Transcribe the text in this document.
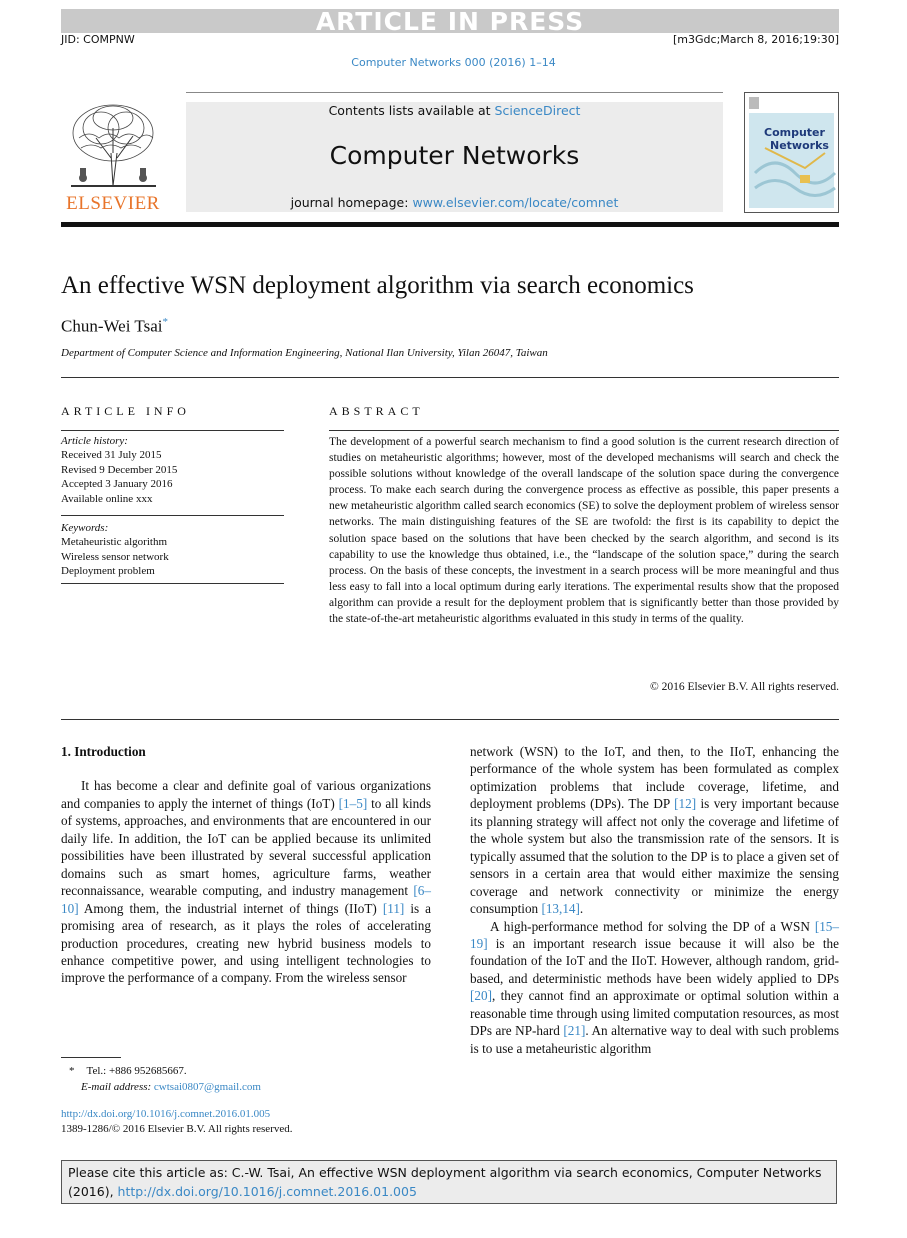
ARTICLE IN PRESS
JID: COMPNW	[m3Gdc;March 8, 2016;19:30]
Computer Networks 000 (2016) 1–14
ELSEVIER
Contents lists available at ScienceDirect
Computer Networks
journal homepage: www.elsevier.com/locate/comnet
Computer
Networks
An effective WSN deployment algorithm via search economics
Chun-Wei Tsai*
Department of Computer Science and Information Engineering, National Ilan University, Yilan 26047, Taiwan
ARTICLE INFO
Article history:
Received 31 July 2015
Revised 9 December 2015
Accepted 3 January 2016
Available online xxx
Keywords:
Metaheuristic algorithm
Wireless sensor network
Deployment problem
ABSTRACT
The development of a powerful search mechanism to find a good solution is the current research direction of studies on metaheuristic algorithms; however, most of the developed mechanisms will search and check the possible solutions without knowledge of the overall landscape of the solution space during the convergence process. To make each search during the convergence process as effective as possible, this paper presents a new metaheuristic algorithm called search economics (SE) to solve the deployment problem of wireless sensor networks. The main distinguishing features of the SE are twofold: the first is its capability to depict the solution space based on the solutions that have been checked by the search algorithm, and second is its capability to use the knowledge thus obtained, i.e., the “landscape of the solution space,” during the search process. On the basis of these concepts, the investment in a search process will be more meaningful and thus less easy to fall into a local optimum during early iterations. The experimental results show that the proposed algorithm can provide a result for the deployment problem that is significantly better than those provided by the state-of-the-art metaheuristic algorithms evaluated in this study in terms of the quality.
© 2016 Elsevier B.V. All rights reserved.
1. Introduction

It has become a clear and definite goal of various organizations and companies to apply the internet of things (IoT) [1–5] to all kinds of systems, approaches, and environments that are encountered in our daily life. In addition, the IoT can be applied because its unlimited possibilities have been illustrated by several successful application domains such as smart homes, agriculture farms, weather reconnaissance, wearable computing, and industry management [6–10] Among them, the industrial internet of things (IIoT) [11] is a promising area of research, as it plays the roles of accelerating production procedures, creating new hybrid business models to enhance competitive power, and using intelligent technologies to improve the performance of a company. From the wireless sensor

network (WSN) to the IoT, and then, to the IIoT, enhancing the performance of the whole system has been formulated as complex optimization problems that include coverage, lifetime, and deployment problems (DPs). The DP [12] is very important because its planning strategy will affect not only the coverage and lifetime of the whole system but also the transmission rate of the sensors. It is typically assumed that the solution to the DP is to place a given set of sensors in a certain area that would either maximize the sensing coverage and network connectivity or minimize the energy consumption [13,14].

A high-performance method for solving the DP of a WSN [15–19] is an important research issue because it will also be the foundation of the IoT and the IIoT. However, although random, grid-based, and deterministic methods have been widely applied to DPs [20], they cannot find an approximate or optimal solution within a reasonable time through using limited computation resources, as most DPs are NP-hard [21]. An alternative way to deal with such problems is to use a metaheuristic algorithm

* Tel.: +886 952685667.
E-mail address: cwtsai0807@gmail.com
http://dx.doi.org/10.1016/j.comnet.2016.01.005
1389-1286/© 2016 Elsevier B.V. All rights reserved.
Please cite this article as: C.-W. Tsai, An effective WSN deployment algorithm via search economics, Computer Networks (2016), http://dx.doi.org/10.1016/j.comnet.2016.01.005
